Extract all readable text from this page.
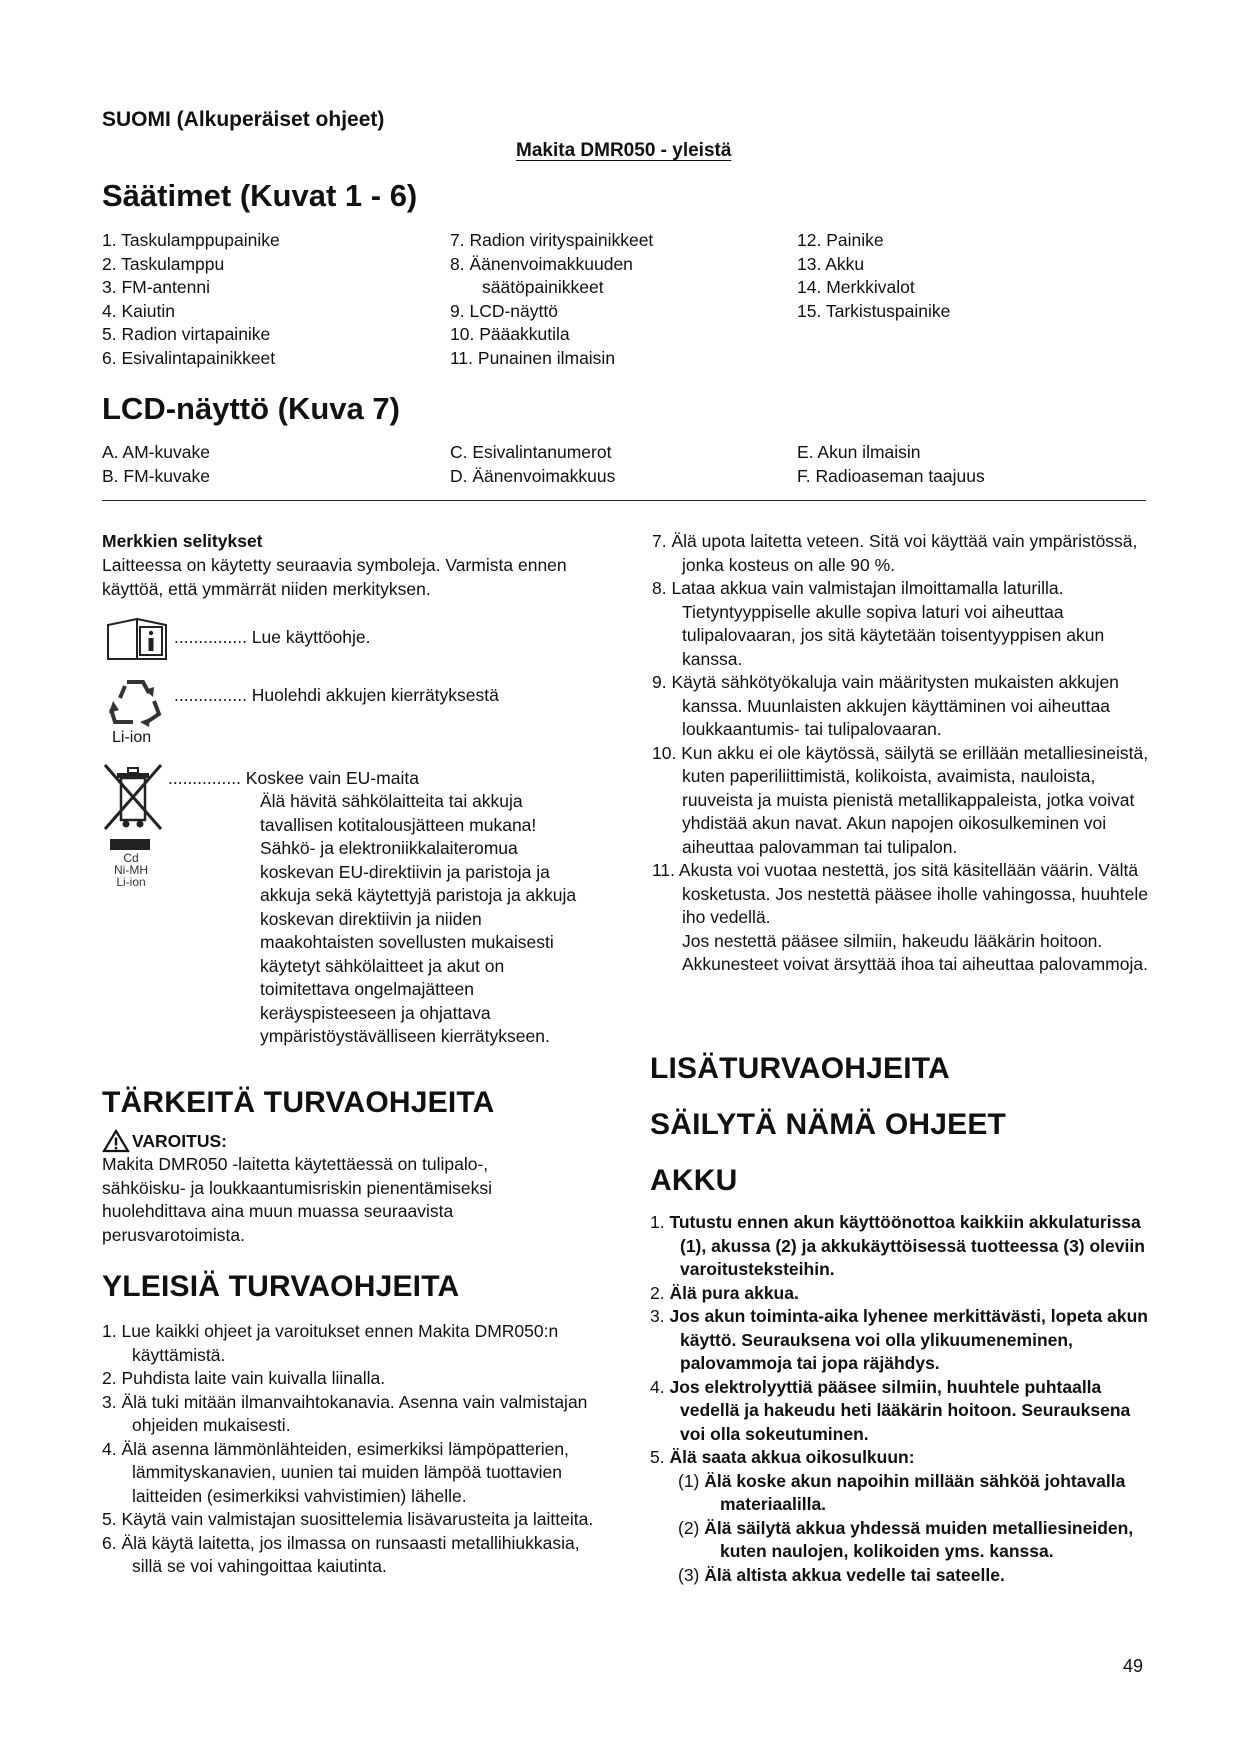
SUOMI (Alkuperäiset ohjeet)
Makita DMR050 - yleistä
Säätimet (Kuvat 1 - 6)
1. Taskulamppupainike
2. Taskulamppu
3. FM-antenni
4. Kaiutin
5. Radion virtapainike
6. Esivalintapainikkeet
7. Radion virityspainikkeet
8. Äänenvoimakkuuden
säätöpainikkeet
9. LCD-näyttö
10. Pääakkutila
11. Punainen ilmaisin
12. Painike
13. Akku
14. Merkkivalot
15. Tarkistuspainike
LCD-näyttö (Kuva 7)
A. AM-kuvake
B. FM-kuvake
C. Esivalintanumerot
D. Äänenvoimakkuus
E. Akun ilmaisin
F. Radioaseman taajuus
Merkkien selitykset
Laitteessa on käytetty seuraavia symboleja. Varmista ennen käyttöä, että ymmärrät niiden merkityksen.
............... Lue käyttöohje.
Li-ion
............... Huolehdi akkujen kierrätyksestä
Cd
Ni-MH
Li-ion
............... Koskee vain EU-maita
Älä hävitä sähkölaitteita tai akkuja tavallisen kotitalousjätteen mukana! Sähkö- ja elektroniikkalaiteromua koskevan EU-direktiivin ja paristoja ja akkuja sekä käytettyjä paristoja ja akkuja koskevan direktiivin ja niiden maakohtaisten sovellusten mukaisesti käytetyt sähkölaitteet ja akut on toimitettava ongelmajätteen keräyspisteeseen ja ohjattava ympäristöystävälliseen kierrätykseen.
TÄRKEITÄ TURVAOHJEITA
VAROITUS:
Makita DMR050 -laitetta käytettäessä on tulipalo-, sähköisku- ja loukkaantumisriskin pienentämiseksi huolehdittava aina muun muassa seuraavista perusvarotoimista.
YLEISIÄ TURVAOHJEITA

1. Lue kaikki ohjeet ja varoitukset ennen Makita DMR050:n käyttämistä.

2. Puhdista laite vain kuivalla liinalla.

3. Älä tuki mitään ilmanvaihtokanavia. Asenna vain valmistajan ohjeiden mukaisesti.

4. Älä asenna lämmönlähteiden, esimerkiksi lämpöpatterien, lämmityskanavien, uunien tai muiden lämpöä tuottavien laitteiden (esimerkiksi vahvistimien) lähelle.

5. Käytä vain valmistajan suosittelemia lisävarusteita ja laitteita.

6. Älä käytä laitetta, jos ilmassa on runsaasti metallihiukkasia, sillä se voi vahingoittaa kaiutinta.

7. Älä upota laitetta veteen. Sitä voi käyttää vain ympäristössä, jonka kosteus on alle 90 %.

8. Lataa akkua vain valmistajan ilmoittamalla laturilla. Tietyntyyppiselle akulle sopiva laturi voi aiheuttaa tulipalovaaran, jos sitä käytetään toisentyyppisen akun kanssa.

9. Käytä sähkötyökaluja vain määritysten mukaisten akkujen kanssa. Muunlaisten akkujen käyttäminen voi aiheuttaa loukkaantumis- tai tulipalovaaran.

10. Kun akku ei ole käytössä, säilytä se erillään metalliesineistä, kuten paperiliittimistä, kolikoista, avaimista, nauloista, ruuveista ja muista pienistä metallikappaleista, jotka voivat yhdistää akun navat. Akun napojen oikosulkeminen voi aiheuttaa palovamman tai tulipalon.

11. Akusta voi vuotaa nestettä, jos sitä käsitellään väärin. Vältä kosketusta. Jos nestettä pääsee iholle vahingossa, huuhtele iho vedellä.

Jos nestettä pääsee silmiin, hakeudu lääkärin hoitoon. Akkunesteet voivat ärsyttää ihoa tai aiheuttaa palovammoja.

LISÄTURVAOHJEITA
SÄILYTÄ NÄMÄ OHJEET
AKKU

1. Tutustu ennen akun käyttöönottoa kaikkiin akkulaturissa (1), akussa (2) ja akkukäyttöisessä tuotteessa (3) oleviin varoitusteksteihin.

2. Älä pura akkua.

3. Jos akun toiminta-aika lyhenee merkittävästi, lopeta akun käyttö. Seurauksena voi olla ylikuumeneminen, palovammoja tai jopa räjähdys.

4. Jos elektrolyyttiä pääsee silmiin, huuhtele puhtaalla vedellä ja hakeudu heti lääkärin hoitoon. Seurauksena voi olla sokeutuminen.

5. Älä saata akkua oikosulkuun:

(1) Älä koske akun napoihin millään sähköä johtavalla materiaalilla.

(2) Älä säilytä akkua yhdessä muiden metalliesineiden, kuten naulojen, kolikoiden yms. kanssa.

(3) Älä altista akkua vedelle tai sateelle.

49
